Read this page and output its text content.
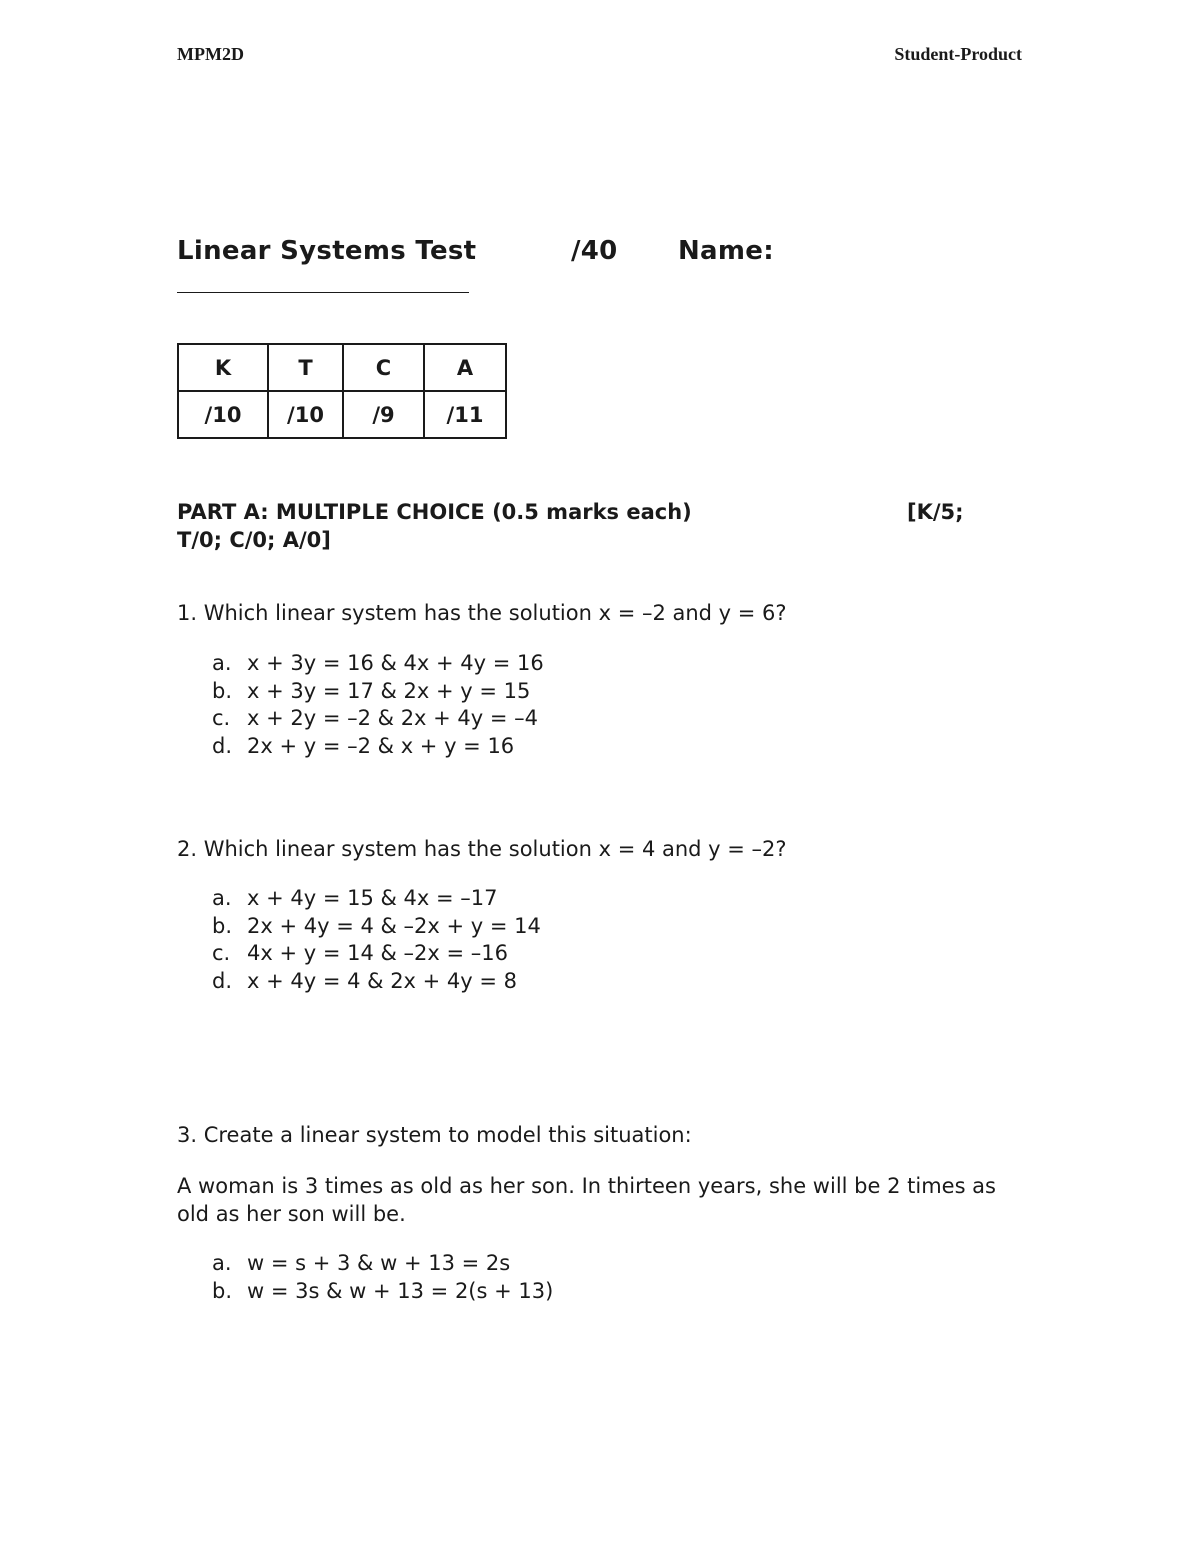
MPM2D	Student-Product
Linear Systems Test	/40 Name:
K	T	C	A
/10	/10	/9	/11
PART A: MULTIPLE CHOICE (0.5 marks each)	[K/5;
T/0; C/0; A/0]
1. Which linear system has the solution x = –2 and y = 6?
a. x + 3y = 16 & 4x + 4y = 16
b. x + 3y = 17 & 2x + y = 15
c. x + 2y = –2 & 2x + 4y = –4
d. 2x + y = –2 & x + y = 16
2. Which linear system has the solution x = 4 and y = –2?
a. x + 4y = 15 & 4x = –17
b. 2x + 4y = 4 & –2x + y = 14
c. 4x + y = 14 & –2x = –16
d. x + 4y = 4 & 2x + 4y = 8
3. Create a linear system to model this situation:
A woman is 3 times as old as her son. In thirteen years, she will be 2 times as old as her son will be.
a. w = s + 3 & w + 13 = 2s
b. w = 3s & w + 13 = 2(s + 13)
